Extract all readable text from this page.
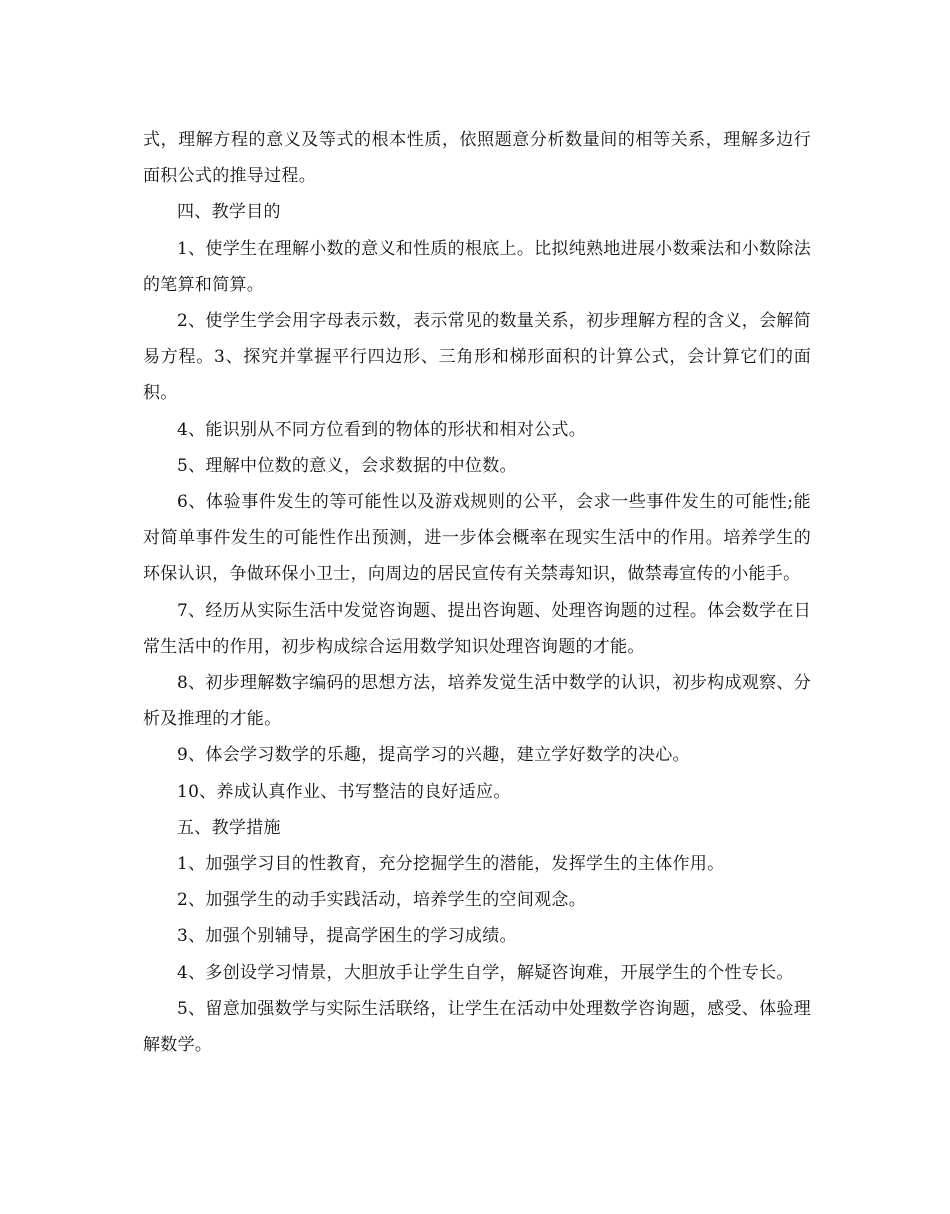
式，理解方程的意义及等式的根本性质，依照题意分析数量间的相等关系，理解多边行面积公式的推导过程。

四、教学目的

1、使学生在理解小数的意义和性质的根底上。比拟纯熟地进展小数乘法和小数除法的笔算和简算。

2、使学生学会用字母表示数，表示常见的数量关系，初步理解方程的含义，会解简易方程。3、探究并掌握平行四边形、三角形和梯形面积的计算公式，会计算它们的面积。

4、能识别从不同方位看到的物体的形状和相对公式。

5、理解中位数的意义，会求数据的中位数。

6、体验事件发生的等可能性以及游戏规则的公平，会求一些事件发生的可能性;能对简单事件发生的可能性作出预测，进一步体会概率在现实生活中的作用。培养学生的环保认识，争做环保小卫士，向周边的居民宣传有关禁毒知识，做禁毒宣传的小能手。

7、经历从实际生活中发觉咨询题、提出咨询题、处理咨询题的过程。体会数学在日常生活中的作用，初步构成综合运用数学知识处理咨询题的才能。

8、初步理解数字编码的思想方法，培养发觉生活中数学的认识，初步构成观察、分析及推理的才能。

9、体会学习数学的乐趣，提高学习的兴趣，建立学好数学的决心。

10、养成认真作业、书写整洁的良好适应。

五、教学措施

1、加强学习目的性教育，充分挖掘学生的潜能，发挥学生的主体作用。

2、加强学生的动手实践活动，培养学生的空间观念。

3、加强个别辅导，提高学困生的学习成绩。

4、多创设学习情景，大胆放手让学生自学，解疑咨询难，开展学生的个性专长。

5、留意加强数学与实际生活联络，让学生在活动中处理数学咨询题，感受、体验理解数学。
